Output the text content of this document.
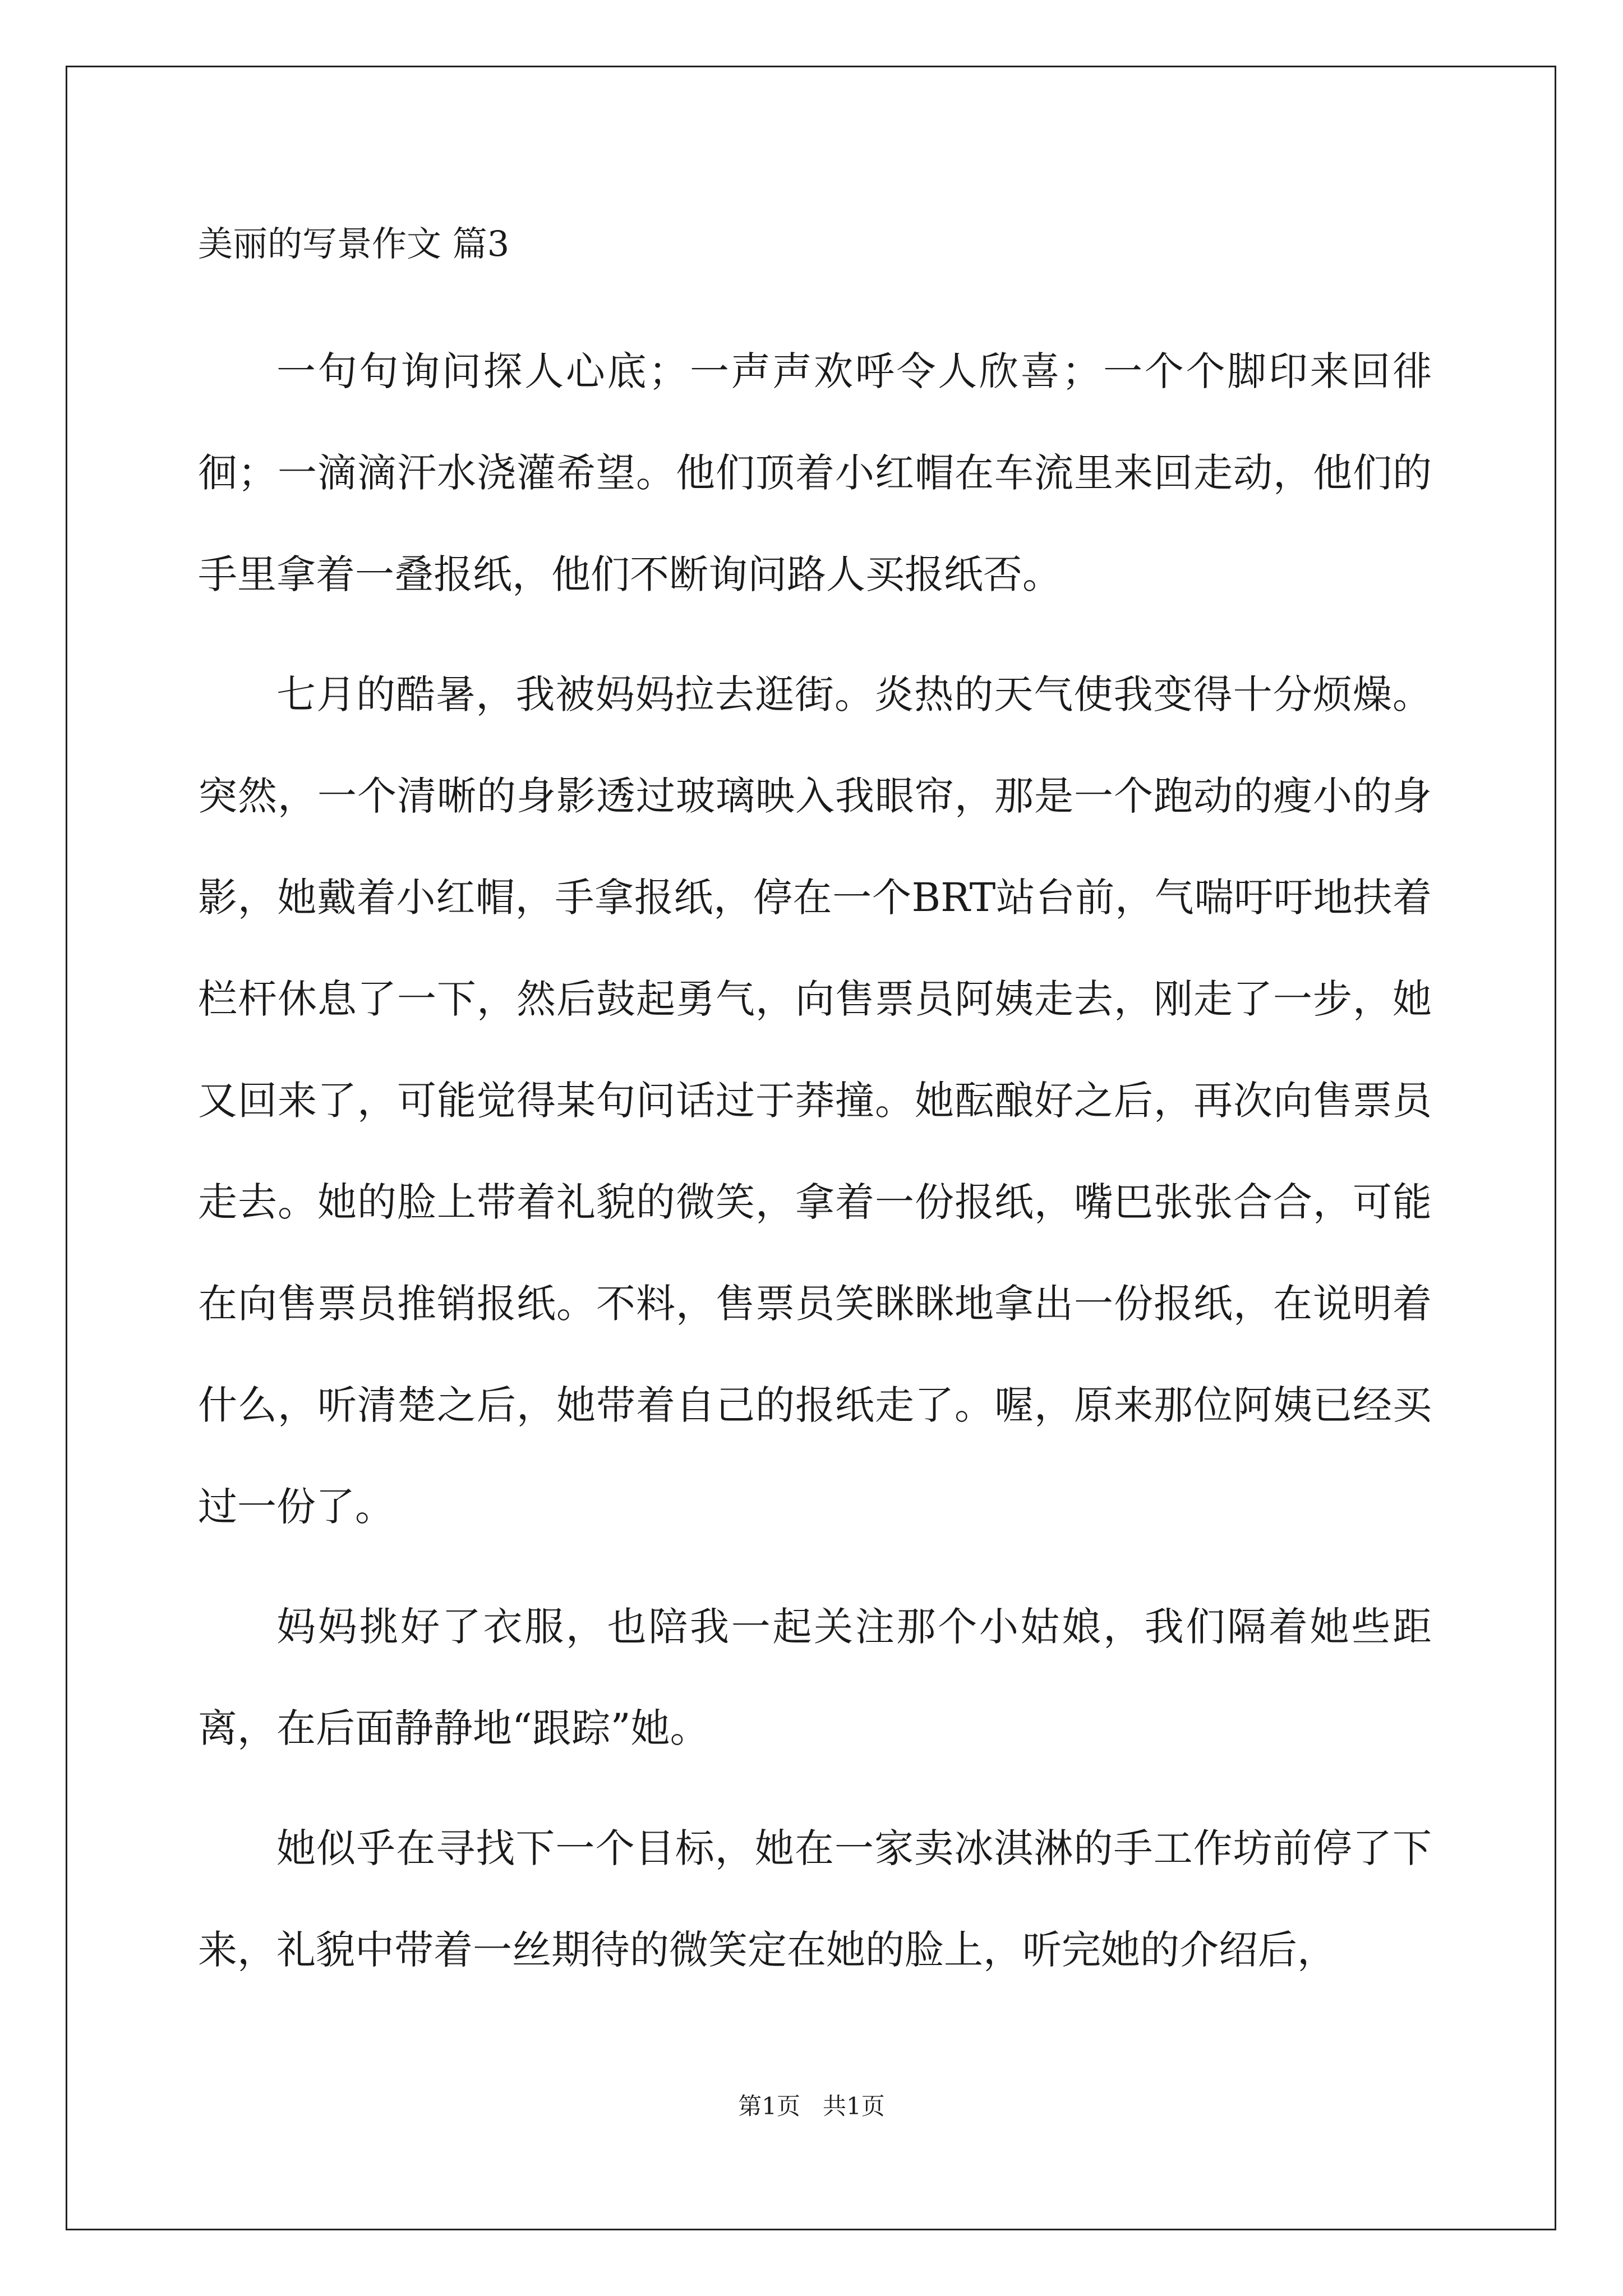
美丽的写景作文 篇3

一句句询问探人心底；一声声欢呼令人欣喜；一个个脚印来回徘徊；一滴滴汗水浇灌希望。他们顶着小红帽在车流里来回走动，他们的手里拿着一叠报纸，他们不断询问路人买报纸否。

七月的酷暑，我被妈妈拉去逛街。炎热的天气使我变得十分烦燥。突然，一个清晰的身影透过玻璃映入我眼帘，那是一个跑动的瘦小的身影，她戴着小红帽，手拿报纸，停在一个BRT站台前，气喘吁吁地扶着栏杆休息了一下，然后鼓起勇气，向售票员阿姨走去，刚走了一步，她又回来了，可能觉得某句问话过于莽撞。她酝酿好之后，再次向售票员走去。她的脸上带着礼貌的微笑，拿着一份报纸，嘴巴张张合合，可能在向售票员推销报纸。不料，售票员笑眯眯地拿出一份报纸，在说明着什么，听清楚之后，她带着自己的报纸走了。喔，原来那位阿姨已经买过一份了。

妈妈挑好了衣服，也陪我一起关注那个小姑娘，我们隔着她些距离，在后面静静地“跟踪”她。

她似乎在寻找下一个目标，她在一家卖冰淇淋的手工作坊前停了下来，礼貌中带着一丝期待的微笑定在她的脸上，听完她的介绍后，

第1页   共1页
